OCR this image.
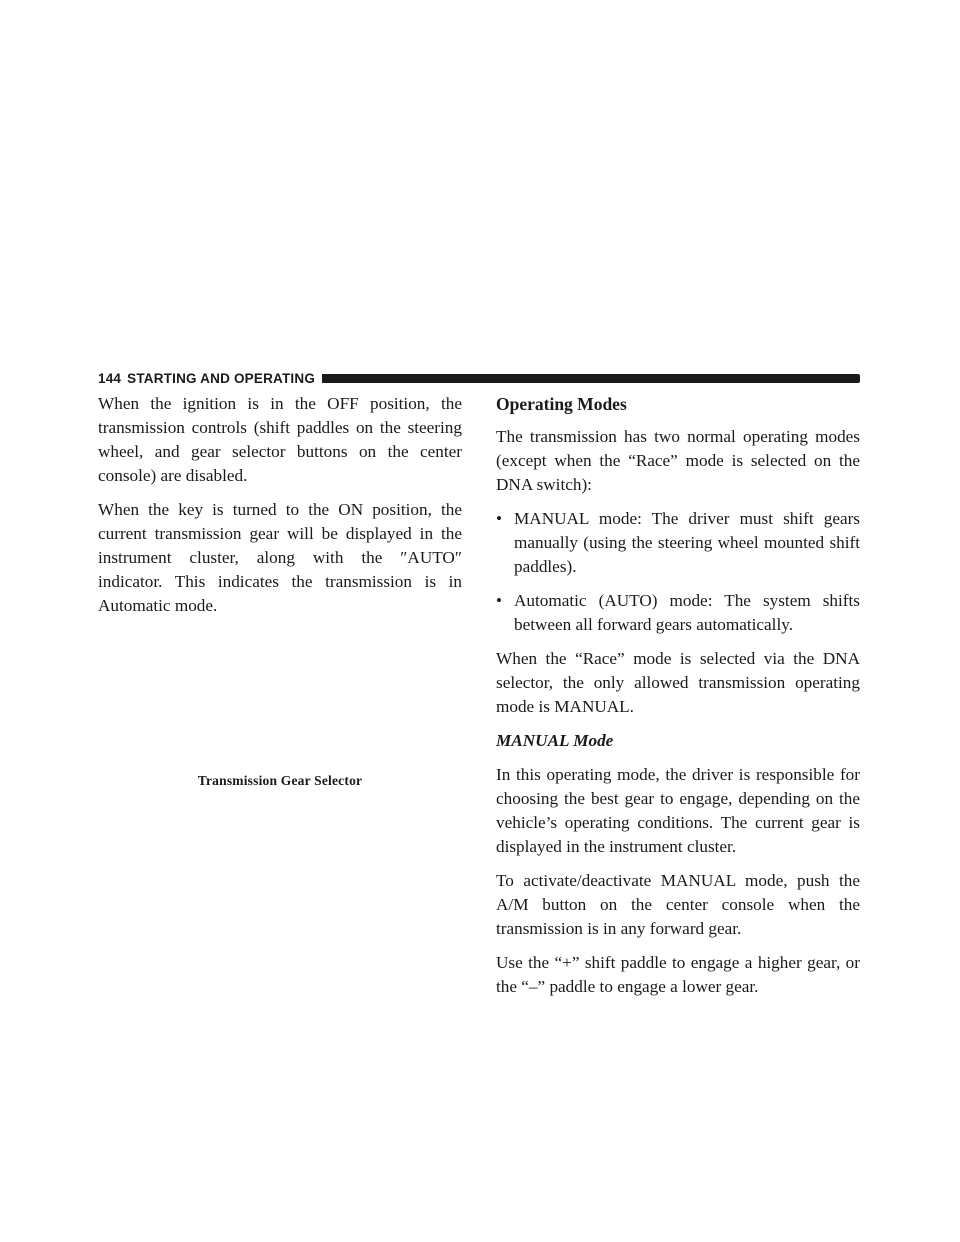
144 STARTING AND OPERATING

When the ignition is in the OFF position, the transmission controls (shift paddles on the steering wheel, and gear selector buttons on the center console) are disabled.

When the key is turned to the ON position, the current transmission gear will be displayed in the instrument cluster, along with the ″AUTO″ indicator. This indicates the transmission is in Automatic mode.

Transmission Gear Selector
Operating Modes

The transmission has two normal operating modes (except when the “Race” mode is selected on the DNA switch):

• MANUAL mode: The driver must shift gears manually (using the steering wheel mounted shift paddles).
• Automatic (AUTO) mode: The system shifts between all forward gears automatically.

When the “Race” mode is selected via the DNA selector, the only allowed transmission operating mode is MANUAL.

MANUAL Mode

In this operating mode, the driver is responsible for choosing the best gear to engage, depending on the vehicle’s operating conditions. The current gear is displayed in the instrument cluster.

To activate/deactivate MANUAL mode, push the A/M button on the center console when the transmission is in any forward gear.

Use the “+” shift paddle to engage a higher gear, or the “–” paddle to engage a lower gear.
